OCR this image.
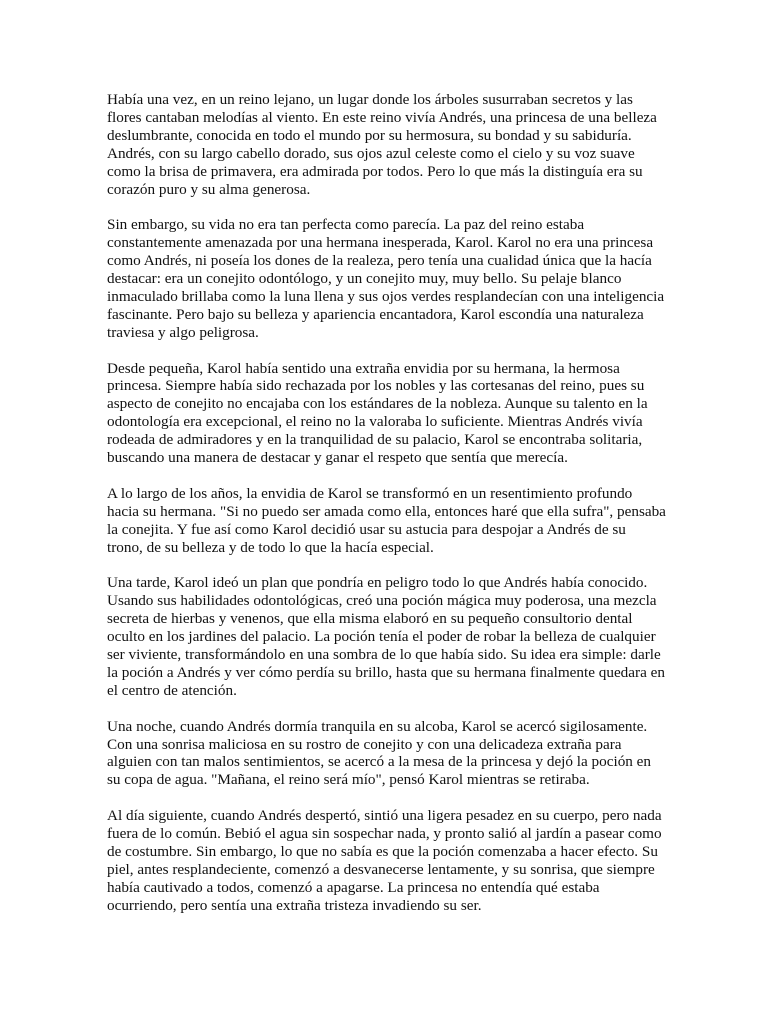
Había una vez, en un reino lejano, un lugar donde los árboles susurraban secretos y las
flores cantaban melodías al viento. En este reino vivía Andrés, una princesa de una belleza
deslumbrante, conocida en todo el mundo por su hermosura, su bondad y su sabiduría.
Andrés, con su largo cabello dorado, sus ojos azul celeste como el cielo y su voz suave
como la brisa de primavera, era admirada por todos. Pero lo que más la distinguía era su
corazón puro y su alma generosa.

Sin embargo, su vida no era tan perfecta como parecía. La paz del reino estaba
constantemente amenazada por una hermana inesperada, Karol. Karol no era una princesa
como Andrés, ni poseía los dones de la realeza, pero tenía una cualidad única que la hacía
destacar: era un conejito odontólogo, y un conejito muy, muy bello. Su pelaje blanco
inmaculado brillaba como la luna llena y sus ojos verdes resplandecían con una inteligencia
fascinante. Pero bajo su belleza y apariencia encantadora, Karol escondía una naturaleza
traviesa y algo peligrosa.

Desde pequeña, Karol había sentido una extraña envidia por su hermana, la hermosa
princesa. Siempre había sido rechazada por los nobles y las cortesanas del reino, pues su
aspecto de conejito no encajaba con los estándares de la nobleza. Aunque su talento en la
odontología era excepcional, el reino no la valoraba lo suficiente. Mientras Andrés vivía
rodeada de admiradores y en la tranquilidad de su palacio, Karol se encontraba solitaria,
buscando una manera de destacar y ganar el respeto que sentía que merecía.

A lo largo de los años, la envidia de Karol se transformó en un resentimiento profundo
hacia su hermana. "Si no puedo ser amada como ella, entonces haré que ella sufra", pensaba
la conejita. Y fue así como Karol decidió usar su astucia para despojar a Andrés de su
trono, de su belleza y de todo lo que la hacía especial.

Una tarde, Karol ideó un plan que pondría en peligro todo lo que Andrés había conocido.
Usando sus habilidades odontológicas, creó una poción mágica muy poderosa, una mezcla
secreta de hierbas y venenos, que ella misma elaboró en su pequeño consultorio dental
oculto en los jardines del palacio. La poción tenía el poder de robar la belleza de cualquier
ser viviente, transformándolo en una sombra de lo que había sido. Su idea era simple: darle
la poción a Andrés y ver cómo perdía su brillo, hasta que su hermana finalmente quedara en
el centro de atención.

Una noche, cuando Andrés dormía tranquila en su alcoba, Karol se acercó sigilosamente.
Con una sonrisa maliciosa en su rostro de conejito y con una delicadeza extraña para
alguien con tan malos sentimientos, se acercó a la mesa de la princesa y dejó la poción en
su copa de agua. "Mañana, el reino será mío", pensó Karol mientras se retiraba.

Al día siguiente, cuando Andrés despertó, sintió una ligera pesadez en su cuerpo, pero nada
fuera de lo común. Bebió el agua sin sospechar nada, y pronto salió al jardín a pasear como
de costumbre. Sin embargo, lo que no sabía es que la poción comenzaba a hacer efecto. Su
piel, antes resplandeciente, comenzó a desvanecerse lentamente, y su sonrisa, que siempre
había cautivado a todos, comenzó a apagarse. La princesa no entendía qué estaba
ocurriendo, pero sentía una extraña tristeza invadiendo su ser.
